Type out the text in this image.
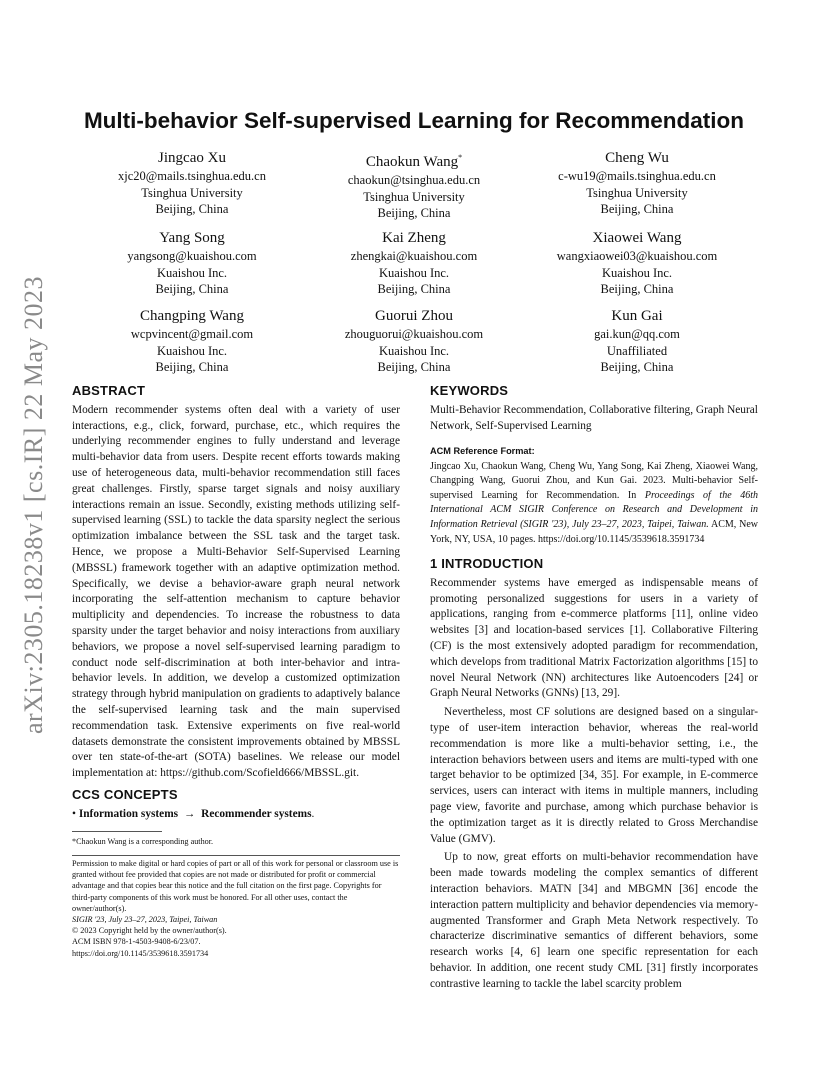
arXiv:2305.18238v1 [cs.IR] 22 May 2023
Multi-behavior Self-supervised Learning for Recommendation
Jingcao Xu
xjc20@mails.tsinghua.edu.cn
Tsinghua University
Beijing, China
Chaokun Wang*
chaokun@tsinghua.edu.cn
Tsinghua University
Beijing, China
Cheng Wu
c-wu19@mails.tsinghua.edu.cn
Tsinghua University
Beijing, China
Yang Song
yangsong@kuaishou.com
Kuaishou Inc.
Beijing, China
Kai Zheng
zhengkai@kuaishou.com
Kuaishou Inc.
Beijing, China
Xiaowei Wang
wangxiaowei03@kuaishou.com
Kuaishou Inc.
Beijing, China
Changping Wang
wcpvincent@gmail.com
Kuaishou Inc.
Beijing, China
Guorui Zhou
zhouguorui@kuaishou.com
Kuaishou Inc.
Beijing, China
Kun Gai
gai.kun@qq.com
Unaffiliated
Beijing, China
ABSTRACT

Modern recommender systems often deal with a variety of user interactions, e.g., click, forward, purchase, etc., which requires the underlying recommender engines to fully understand and leverage multi-behavior data from users. Despite recent efforts towards making use of heterogeneous data, multi-behavior recommendation still faces great challenges. Firstly, sparse target signals and noisy auxiliary interactions remain an issue. Secondly, existing methods utilizing self-supervised learning (SSL) to tackle the data sparsity neglect the serious optimization imbalance between the SSL task and the target task. Hence, we propose a Multi-Behavior Self-Supervised Learning (MBSSL) framework together with an adaptive optimization method. Specifically, we devise a behavior-aware graph neural network incorporating the self-attention mechanism to capture behavior multiplicity and dependencies. To increase the robustness to data sparsity under the target behavior and noisy interactions from auxiliary behaviors, we propose a novel self-supervised learning paradigm to conduct node self-discrimination at both inter-behavior and intra-behavior levels. In addition, we develop a customized optimization strategy through hybrid manipulation on gradients to adaptively balance the self-supervised learning task and the main supervised recommendation task. Extensive experiments on five real-world datasets demonstrate the consistent improvements obtained by MBSSL over ten state-of-the-art (SOTA) baselines. We release our model implementation at: https://github.com/Scofield666/MBSSL.git.

CCS CONCEPTS

• Information systems → Recommender systems.

*Chaokun Wang is a corresponding author.

Permission to make digital or hard copies of part or all of this work for personal or classroom use is granted without fee provided that copies are not made or distributed for profit or commercial advantage and that copies bear this notice and the full citation on the first page. Copyrights for third-party components of this work must be honored. For all other uses, contact the owner/author(s).

SIGIR '23, July 23–27, 2023, Taipei, Taiwan

© 2023 Copyright held by the owner/author(s).

ACM ISBN 978-1-4503-9408-6/23/07.

https://doi.org/10.1145/3539618.3591734

KEYWORDS

Multi-Behavior Recommendation, Collaborative filtering, Graph Neural Network, Self-Supervised Learning

ACM Reference Format:

Jingcao Xu, Chaokun Wang, Cheng Wu, Yang Song, Kai Zheng, Xiaowei Wang, Changping Wang, Guorui Zhou, and Kun Gai. 2023. Multi-behavior Self-supervised Learning for Recommendation. In Proceedings of the 46th International ACM SIGIR Conference on Research and Development in Information Retrieval (SIGIR '23), July 23–27, 2023, Taipei, Taiwan. ACM, New York, NY, USA, 10 pages. https://doi.org/10.1145/3539618.3591734

1 INTRODUCTION

Recommender systems have emerged as indispensable means of promoting personalized suggestions for users in a variety of applications, ranging from e-commerce platforms [11], online video websites [3] and location-based services [1]. Collaborative Filtering (CF) is the most extensively adopted paradigm for recommendation, which develops from traditional Matrix Factorization algorithms [15] to novel Neural Network (NN) architectures like Autoencoders [24] or Graph Neural Networks (GNNs) [13, 29].

Nevertheless, most CF solutions are designed based on a singular-type of user-item interaction behavior, whereas the real-world recommendation is more like a multi-behavior setting, i.e., the interaction behaviors between users and items are multi-typed with one target behavior to be optimized [34, 35]. For example, in E-commerce services, users can interact with items in multiple manners, including page view, favorite and purchase, among which purchase behavior is the optimization target as it is directly related to Gross Merchandise Value (GMV).

Up to now, great efforts on multi-behavior recommendation have been made towards modeling the complex semantics of different interaction behaviors. MATN [34] and MBGMN [36] encode the interaction pattern multiplicity and behavior dependencies via memory-augmented Transformer and Graph Meta Network respectively. To characterize discriminative semantics of different behaviors, some research works [4, 6] learn one specific representation for each behavior. In addition, one recent study CML [31] firstly incorporates contrastive learning to tackle the label scarcity problem
